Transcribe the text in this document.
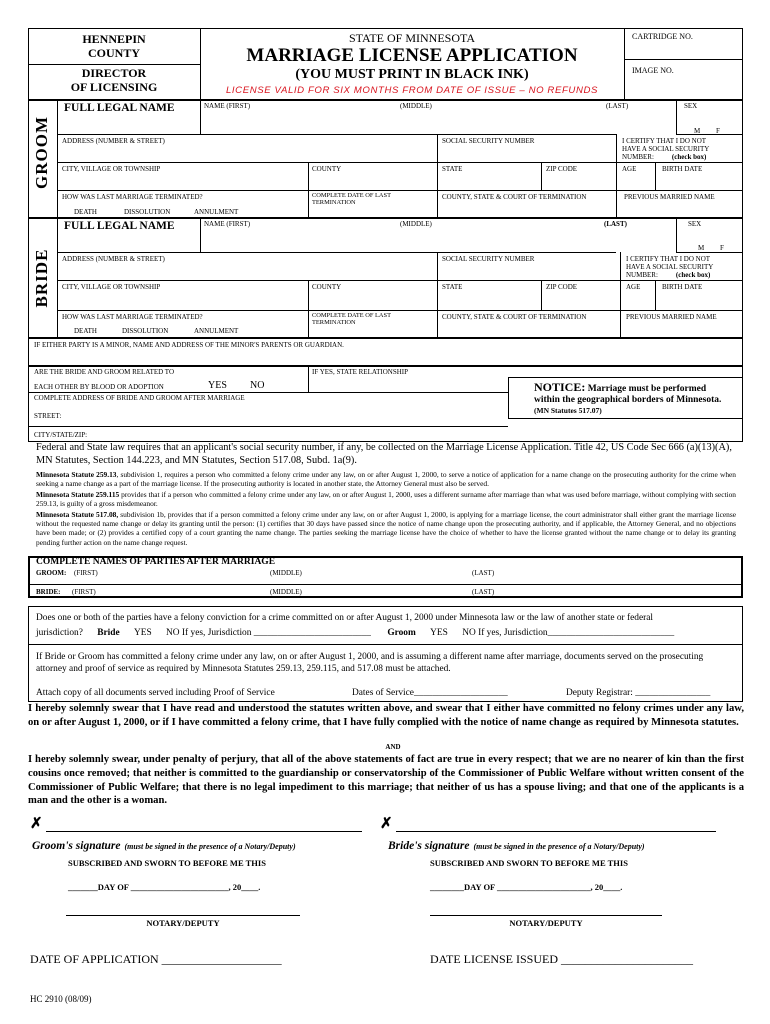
HENNEPIN
COUNTY
DIRECTOR
OF LICENSING
STATE OF MINNESOTA
MARRIAGE LICENSE APPLICATION
(YOU MUST PRINT IN BLACK INK)
LICENSE VALID FOR SIX MONTHS FROM DATE OF ISSUE – NO REFUNDS
CARTRIDGE NO.
IMAGE NO.
GROOM
FULL LEGAL NAME	NAME (FIRST)	(MIDDLE)	(LAST)	SEX
M F
ADDRESS (NUMBER & STREET)	SOCIAL SECURITY NUMBER	I CERTIFY THAT I DO NOT
HAVE A SOCIAL SECURITY
NUMBER:	(check box)
CITY, VILLAGE OR TOWNSHIP	COUNTY	STATE	ZIP CODE	AGE	BIRTH DATE
HOW WAS LAST MARRIAGE TERMINATED?
DEATH	DISSOLUTION	ANNULMENT
COMPLETE DATE OF LAST
TERMINATION
COUNTY, STATE & COURT OF TERMINATION	PREVIOUS MARRIED NAME
BRIDE
FULL LEGAL NAME	NAME (FIRST)	(MIDDLE)	(LAST)	SEX
M F
ADDRESS (NUMBER & STREET)	SOCIAL SECURITY NUMBER	I CERTIFY THAT I DO NOT
HAVE A SOCIAL SECURITY
NUMBER:	(check box)
CITY, VILLAGE OR TOWNSHIP	COUNTY	STATE	ZIP CODE	AGE	BIRTH DATE
HOW WAS LAST MARRIAGE TERMINATED?
DEATH	DISSOLUTION	ANNULMENT
COMPLETE DATE OF LAST
TERMINATION
COUNTY, STATE & COURT OF TERMINATION	PREVIOUS MARRIED NAME
IF EITHER PARTY IS A MINOR, NAME AND ADDRESS OF THE MINOR'S PARENTS OR GUARDIAN.
ARE THE BRIDE AND GROOM RELATED TO
EACH OTHER BY BLOOD OR ADOPTION	YES NO
IF YES, STATE RELATIONSHIP
COMPLETE ADDRESS OF BRIDE AND GROOM AFTER MARRIAGE
STREET:
CITY/STATE/ZIP:
NOTICE: Marriage must be performed
within the geographical borders of Minnesota.
(MN Statutes 517.07)
Federal and State law requires that an applicant's social security number, if any, be collected on the Marriage License Application. Title 42, US Code Sec 666 (a)(13)(A), MN Statutes, Section 144.223, and MN Statutes, Section 517.08, Subd. 1a(9).
Minnesota Statute 259.13, subdivision 1, requires a person who committed a felony crime under any law, on or after August 1, 2000, to serve a notice of application for a name change on the prosecuting authority for the crime when seeking a name change as a part of the marriage license. If the prosecuting authority is located in another state, the Attorney General must also be served.
Minnesota Statute 259.115 provides that if a person who committed a felony crime under any law, on or after August 1, 2000, uses a different surname after marriage than what was used before marriage, without complying with section 259.13, is guilty of a gross misdemeanor.
Minnesota Statute 517.08, subdivision 1b, provides that if a person committed a felony crime under any law, on or after August 1, 2000, is applying for a marriage license, the court administrator shall either grant the marriage license without the requested name change or delay its granting until the person: (1) certifies that 30 days have passed since the notice of name change upon the prosecuting authority, and if applicable, the Attorney General, and no objections have been made; or (2) provides a certified copy of a court granting the name change. The parties seeking the marriage license have the choice of whether to have the license granted without the name change or to delay its granting pending further action on the name change request.
COMPLETE NAMES OF PARTIES AFTER MARRIAGE
GROOM: (FIRST)	(MIDDLE)	(LAST)
BRIDE: (FIRST)	(MIDDLE)	(LAST)
Does one or both of the parties have a felony conviction for a crime committed on or after August 1, 2000 under Minnesota law or the law of another state or federal
jurisdiction? Bride YES NO If yes, Jurisdiction _________________________ Groom YES NO If yes, Jurisdiction___________________________
If Bride or Groom has committed a felony crime under any law, on or after August 1, 2000, and is assuming a different name after marriage, documents served on the prosecuting attorney and proof of service as required by Minnesota Statutes 259.13, 259.115, and 517.08 must be attached.
Attach copy of all documents served including Proof of Service	Dates of Service____________________	Deputy Registrar: ________________
I hereby solemnly swear that I have read and understood the statutes written above, and swear that I either have committed no felony crimes under any law, on or after August 1, 2000, or if I have committed a felony crime, that I have fully complied with the notice of name change as required by Minnesota statutes.
AND
I hereby solemnly swear, under penalty of perjury, that all of the above statements of fact are true in every respect; that we are no nearer of kin than the first cousins once removed; that neither is committed to the guardianship or conservatorship of the Commissioner of Public Welfare without written consent of the Commissioner of Public Welfare; that there is no legal impediment to this marriage; that neither of us has a spouse living; and that one of the applicants is a man and the other is a woman.
✗
Groom's signature (must be signed in the presence of a Notary/Deputy)
✗
Bride's signature (must be signed in the presence of a Notary/Deputy)
SUBSCRIBED AND SWORN TO BEFORE ME THIS	SUBSCRIBED AND SWORN TO BEFORE ME THIS
_______DAY OF _______________________, 20____.	________DAY OF ______________________, 20____.
NOTARY/DEPUTY	NOTARY/DEPUTY
DATE OF APPLICATION ____________________	DATE LICENSE ISSUED ______________________
HC 2910 (08/09)
